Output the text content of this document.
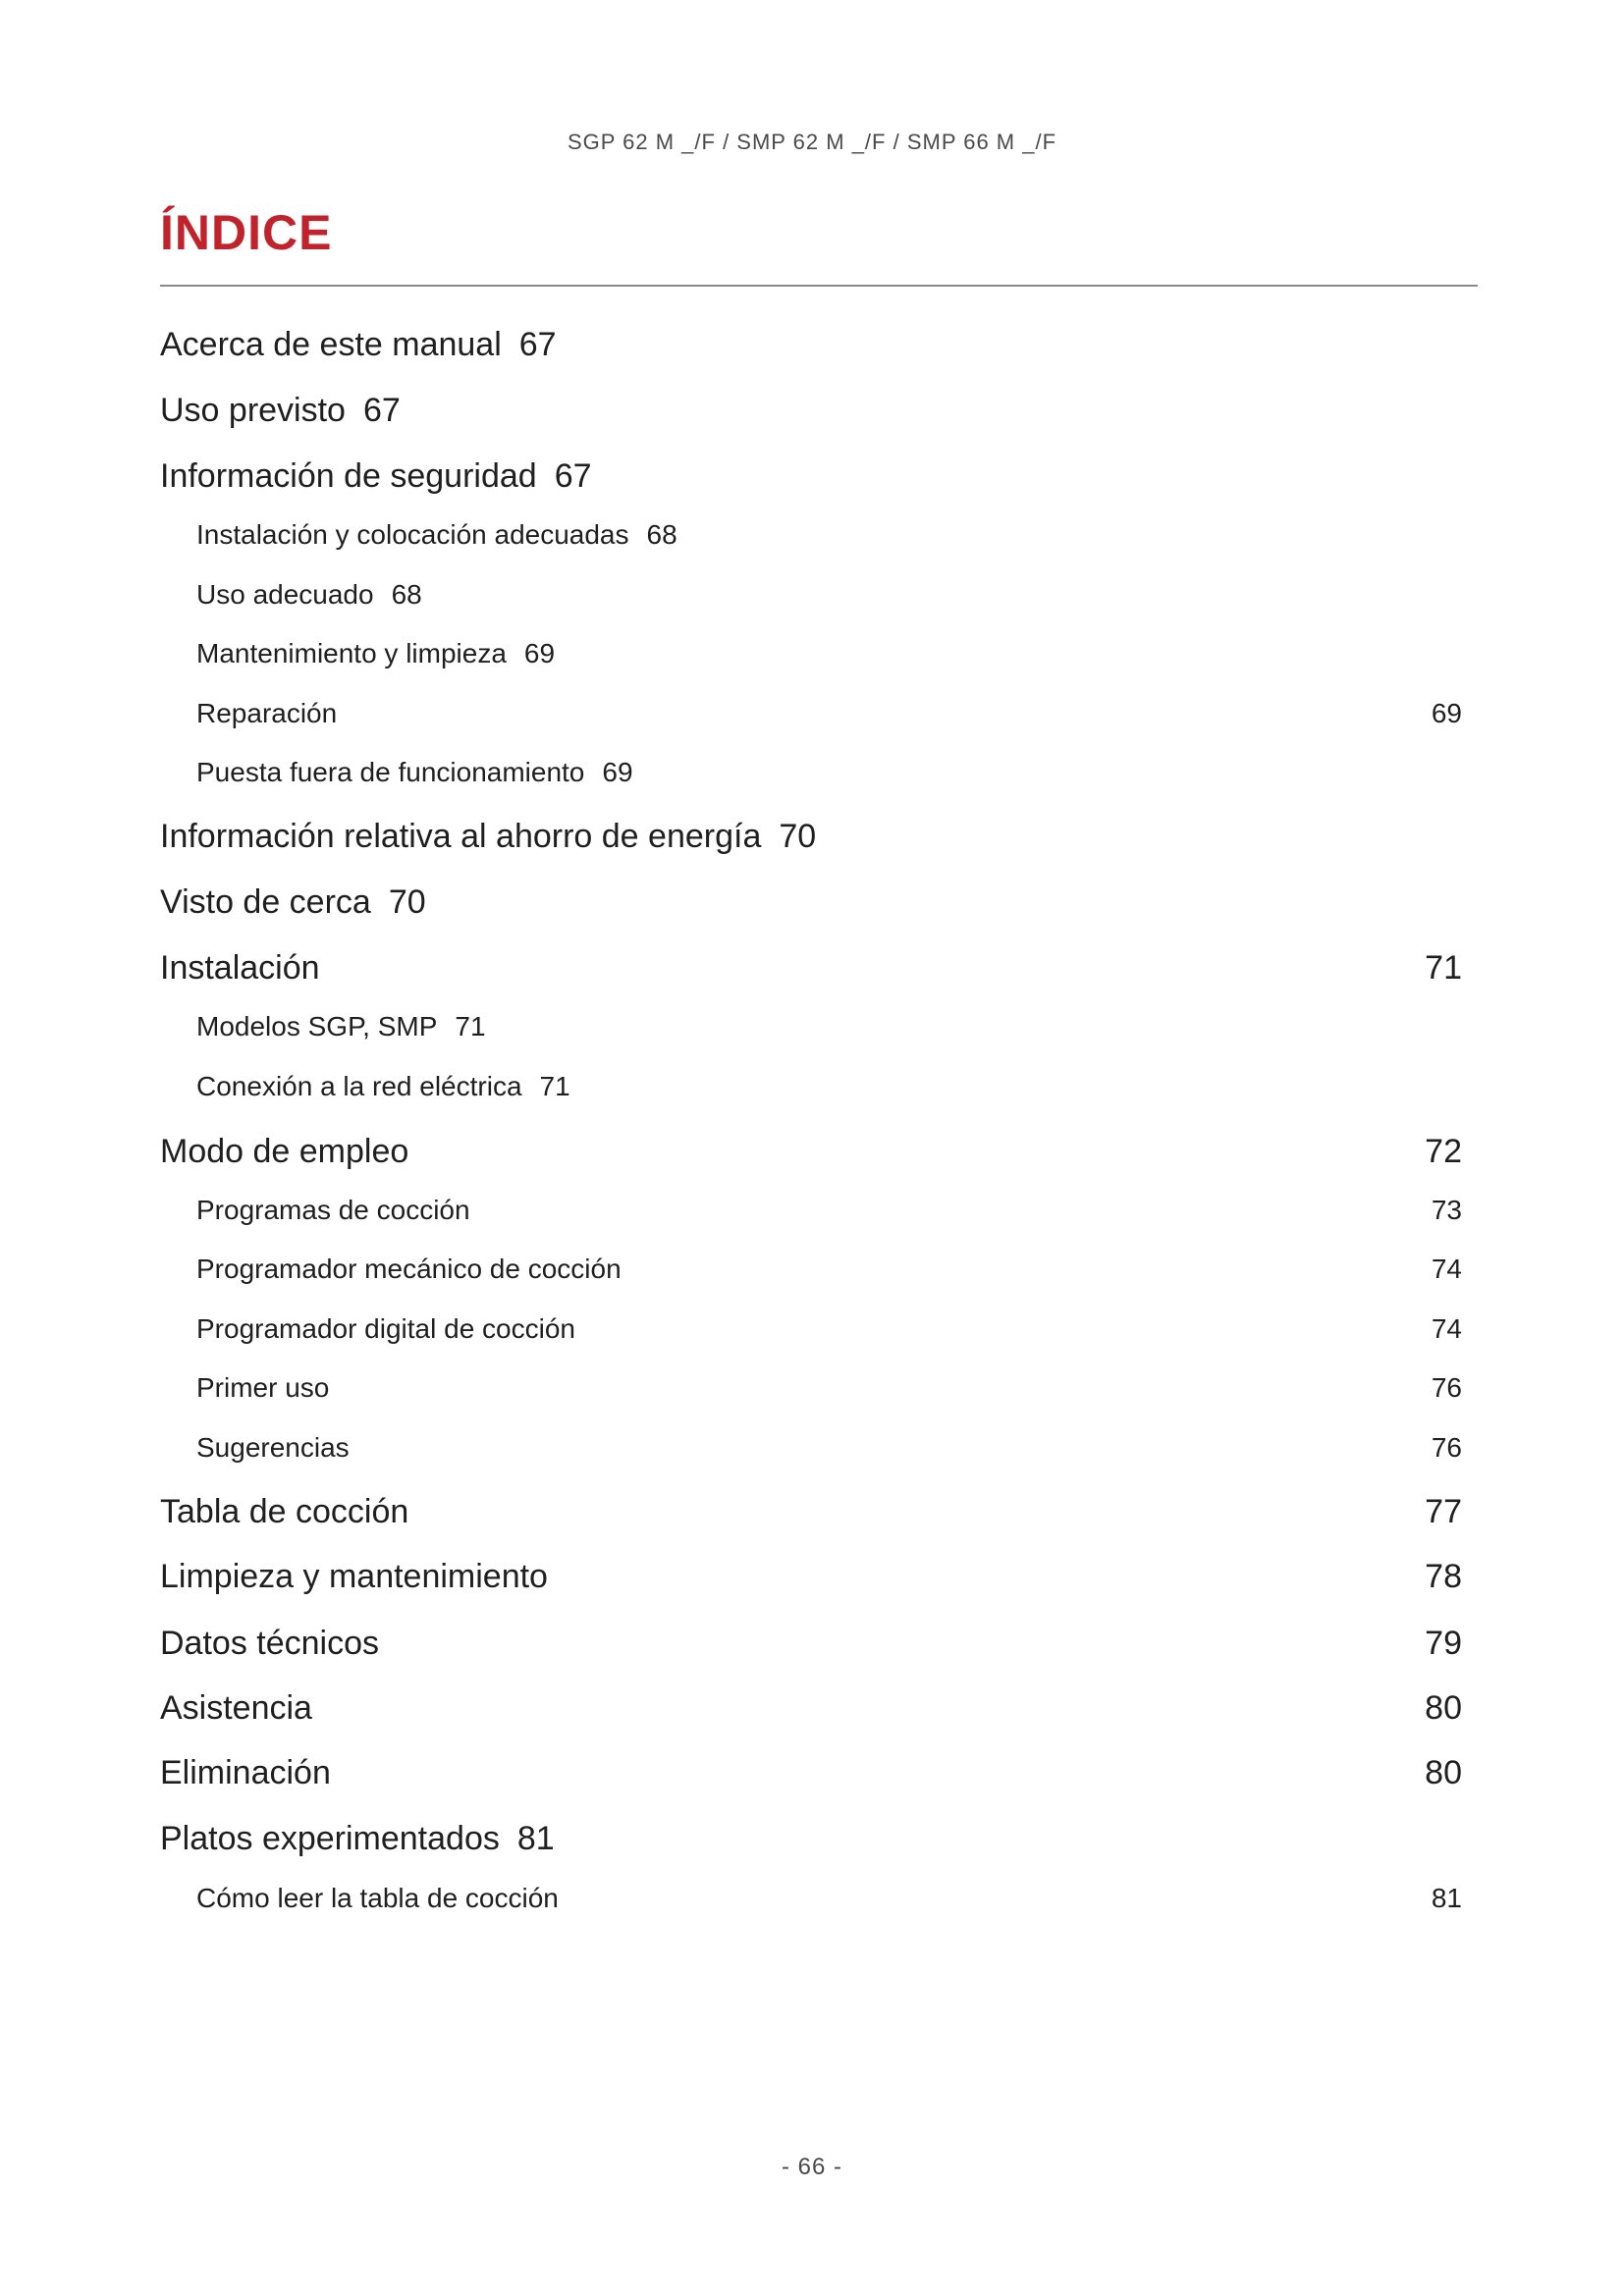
SGP 62 M _/F / SMP 62 M _/F / SMP 66 M _/F
ÍNDICE
Acerca de este manual 67
Uso previsto 67
Información de seguridad 67
Instalación y colocación adecuadas 68
Uso adecuado 68
Mantenimiento y limpieza 69
Reparación	69
Puesta fuera de funcionamiento 69
Información relativa al ahorro de energía 70
Visto de cerca 70
Instalación	71
Modelos SGP, SMP 71
Conexión a la red eléctrica 71
Modo de empleo	72
Programas de cocción	73
Programador mecánico de cocción	74
Programador digital de cocción	74
Primer uso	76
Sugerencias	76
Tabla de cocción	77
Limpieza y mantenimiento	78
Datos técnicos	79
Asistencia	80
Eliminación	80
Platos experimentados 81
Cómo leer la tabla de cocción	81
- 66 -
